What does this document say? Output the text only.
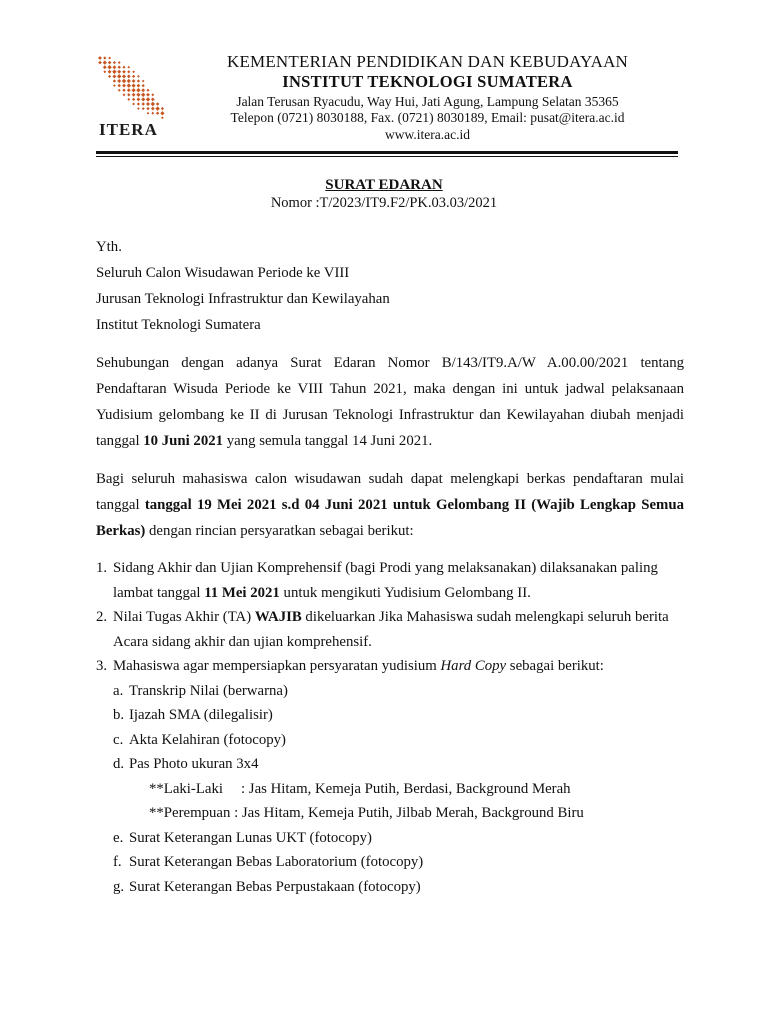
ITERA
KEMENTERIAN PENDIDIKAN DAN KEBUDAYAAN
INSTITUT TEKNOLOGI SUMATERA
Jalan Terusan Ryacudu, Way Hui, Jati Agung, Lampung Selatan 35365
Telepon (0721) 8030188, Fax. (0721) 8030189, Email: pusat@itera.ac.id
www.itera.ac.id
SURAT EDARAN
Nomor :T/2023/IT9.F2/PK.03.03/2021
Yth.
Seluruh Calon Wisudawan Periode ke VIII
Jurusan Teknologi Infrastruktur dan Kewilayahan
Institut Teknologi Sumatera

Sehubungan dengan adanya Surat Edaran Nomor B/143/IT9.A/W A.00.00/2021 tentang Pendaftaran Wisuda Periode ke VIII Tahun 2021, maka dengan ini untuk jadwal pelaksanaan Yudisium gelombang ke II di Jurusan Teknologi Infrastruktur dan Kewilayahan diubah menjadi tanggal 10 Juni 2021 yang semula tanggal 14 Juni 2021.

Bagi seluruh mahasiswa calon wisudawan sudah dapat melengkapi berkas pendaftaran mulai tanggal tanggal 19 Mei 2021 s.d 04 Juni 2021 untuk Gelombang II (Wajib Lengkap Semua Berkas) dengan rincian persyaratkan sebagai berikut:

1. Sidang Akhir dan Ujian Komprehensif (bagi Prodi yang melaksanakan) dilaksanakan paling lambat tanggal 11 Mei 2021 untuk mengikuti Yudisium Gelombang II.
2. Nilai Tugas Akhir (TA) WAJIB dikeluarkan Jika Mahasiswa sudah melengkapi seluruh berita Acara sidang akhir dan ujian komprehensif.
3. Mahasiswa agar mempersiapkan persyaratan yudisium Hard Copy sebagai berikut:
a. Transkrip Nilai (berwarna)
b. Ijazah SMA (dilegalisir)
c. Akta Kelahiran (fotocopy)
d. Pas Photo ukuran 3x4
**Laki-Laki : Jas Hitam, Kemeja Putih, Berdasi, Background Merah
**Perempuan : Jas Hitam, Kemeja Putih, Jilbab Merah, Background Biru
e. Surat Keterangan Lunas UKT (fotocopy)
f. Surat Keterangan Bebas Laboratorium (fotocopy)
g. Surat Keterangan Bebas Perpustakaan (fotocopy)
